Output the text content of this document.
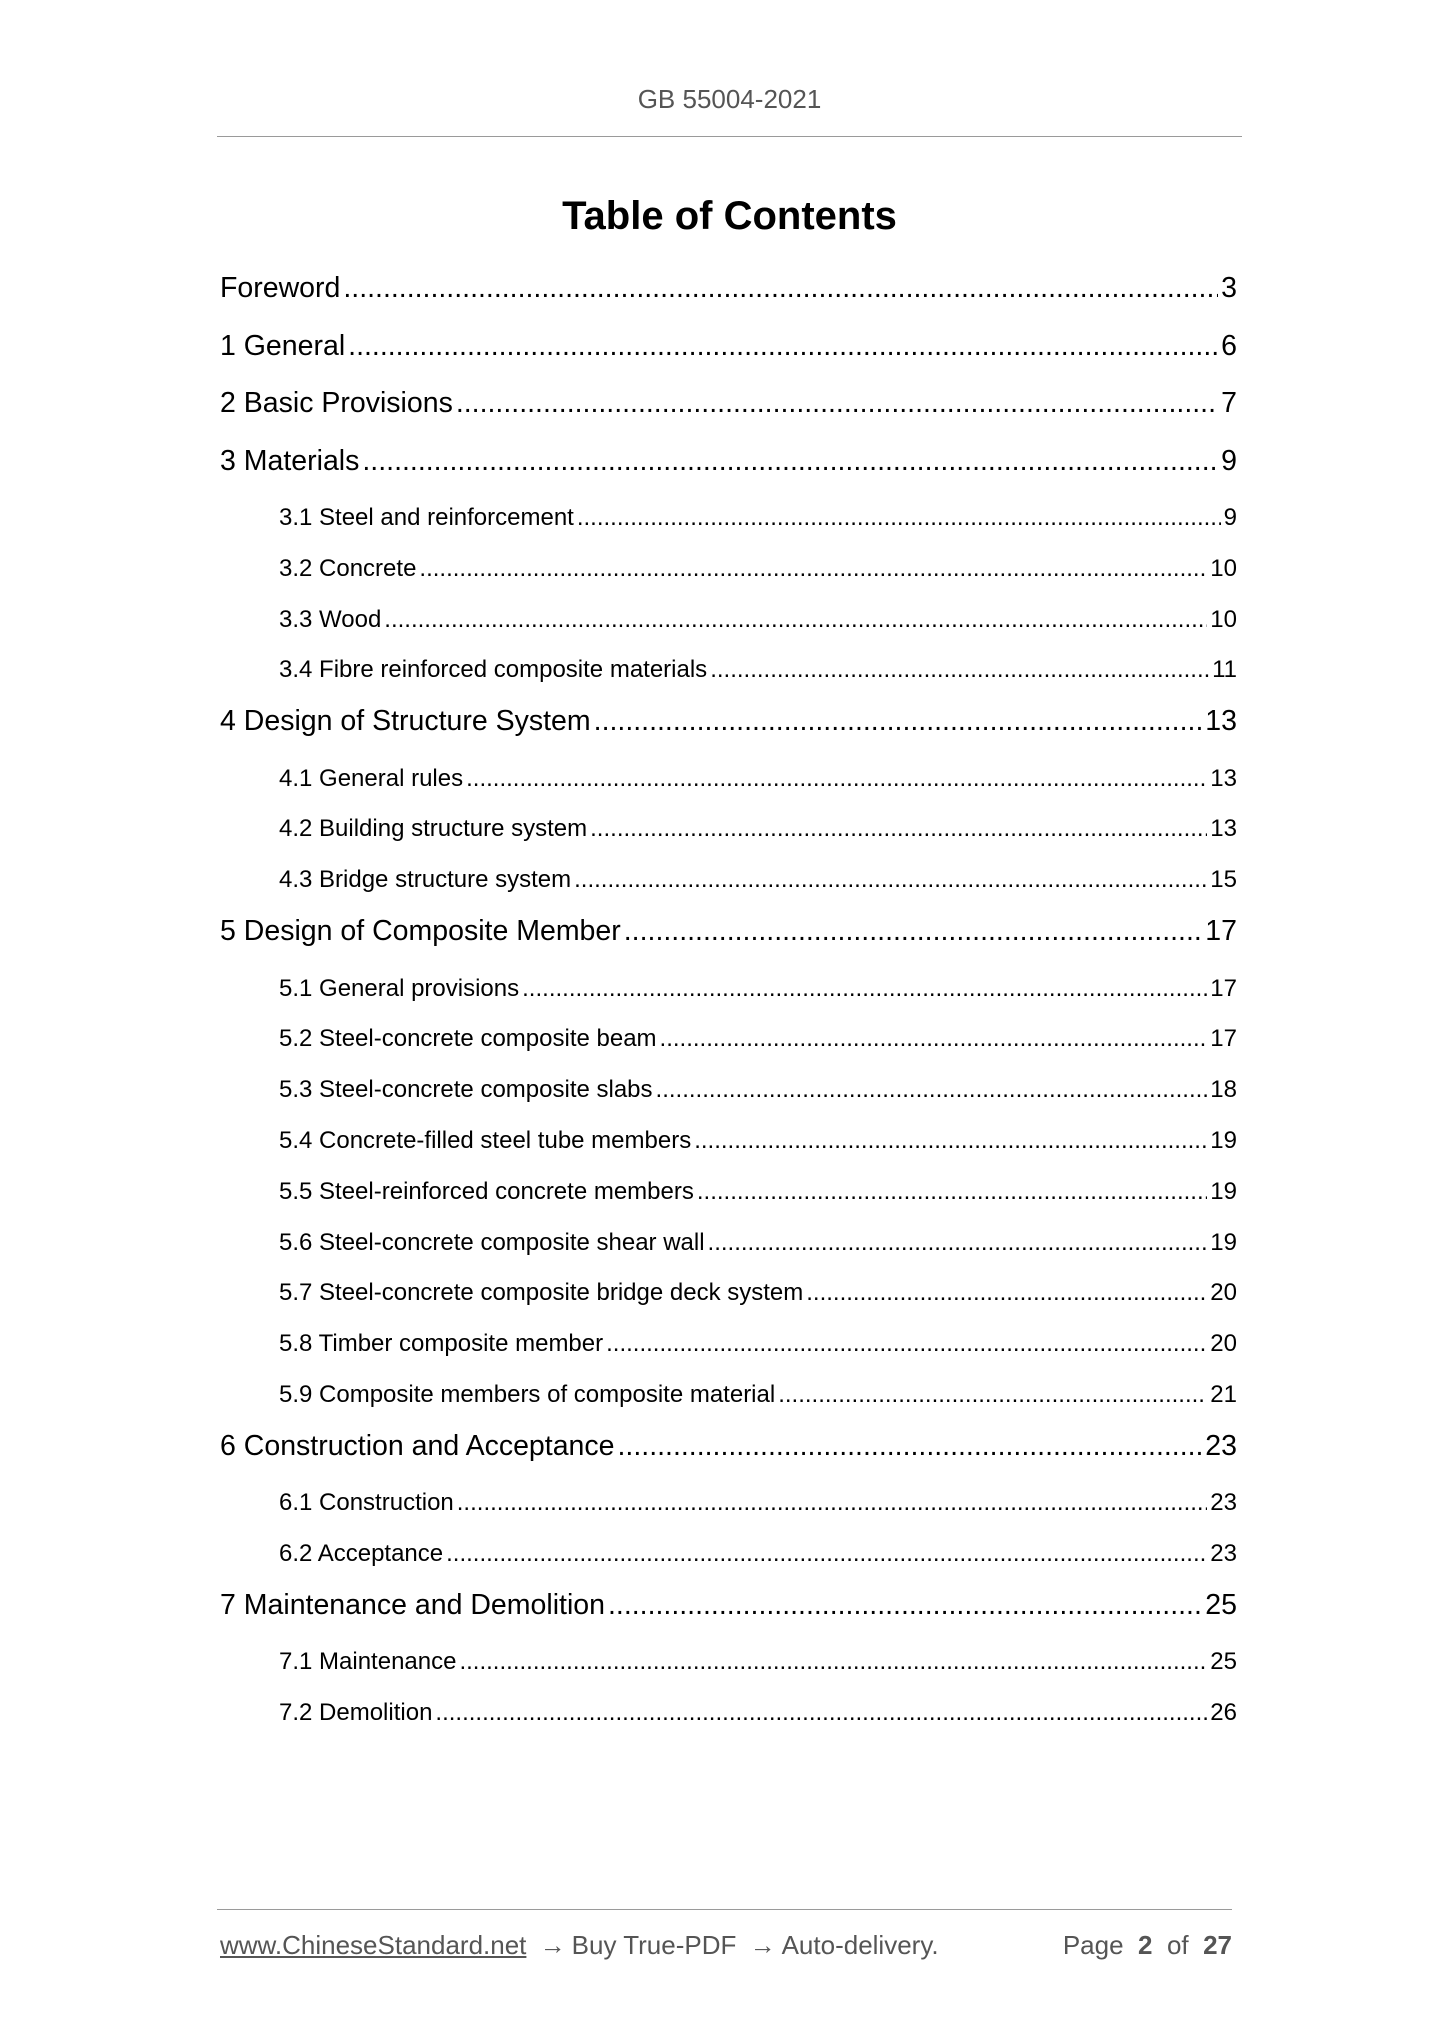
GB 55004-2021
Table of Contents
Foreword .....	3
1 General .....	6
2 Basic Provisions .....	7
3 Materials .....	9
3.1 Steel and reinforcement .....	9
3.2 Concrete .....	10
3.3 Wood .....	10
3.4 Fibre reinforced composite materials .....	11
4 Design of Structure System .....	13
4.1 General rules .....	13
4.2 Building structure system .....	13
4.3 Bridge structure system .....	15
5 Design of Composite Member .....	17
5.1 General provisions .....	17
5.2 Steel-concrete composite beam .....	17
5.3 Steel-concrete composite slabs .....	18
5.4 Concrete-filled steel tube members .....	19
5.5 Steel-reinforced concrete members .....	19
5.6 Steel-concrete composite shear wall .....	19
5.7 Steel-concrete composite bridge deck system .....	20
5.8 Timber composite member .....	20
5.9 Composite members of composite material .....	21
6 Construction and Acceptance .....	23
6.1 Construction .....	23
6.2 Acceptance .....	23
7 Maintenance and Demolition .....	25
7.1 Maintenance .....	25
7.2 Demolition .....	26
www.ChineseStandard.net → Buy True-PDF → Auto-delivery.	Page 2 of 27
